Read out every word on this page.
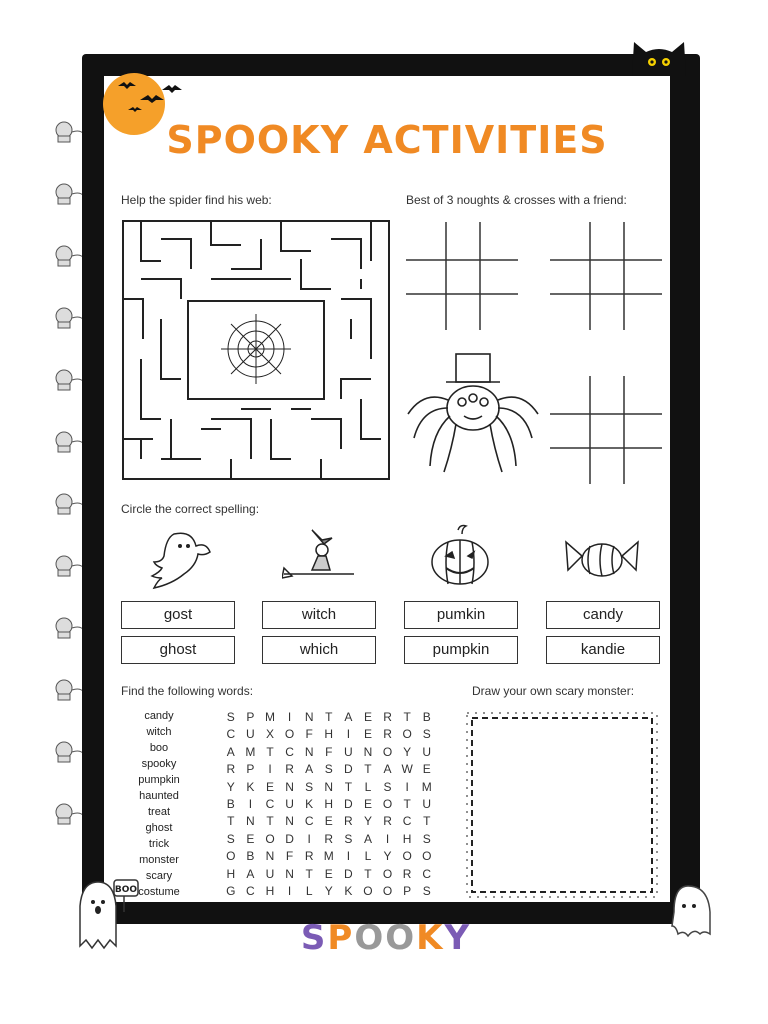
SPOOKY ACTIVITIES

Help the spider find his web:	Best of 3 noughts & crosses with a friend:

Circle the correct spelling:

gost	witch	pumkin	candy
ghost	which	pumpkin	kandie

Find the following words:	Draw your own scary monster:

candy
witch
boo
spooky
pumpkin
haunted
treat
ghost
trick
monster
scary
costume
S P M	I	N T A E R T B
C U X O F H	I	E R O S
A M T C N F U N O Y U
R P	I	R A S D T A W E
Y K E N S N T	L	S	I	M
B	I	C U K H D E O T U
T N T N C E R Y R C T
S E O D	I	R S A	I	H S
O B N F R M	I	L	Y O O
H A U N T E D T O R C
G C H	I	L	Y K O O P S
BOO
SPOOKY
